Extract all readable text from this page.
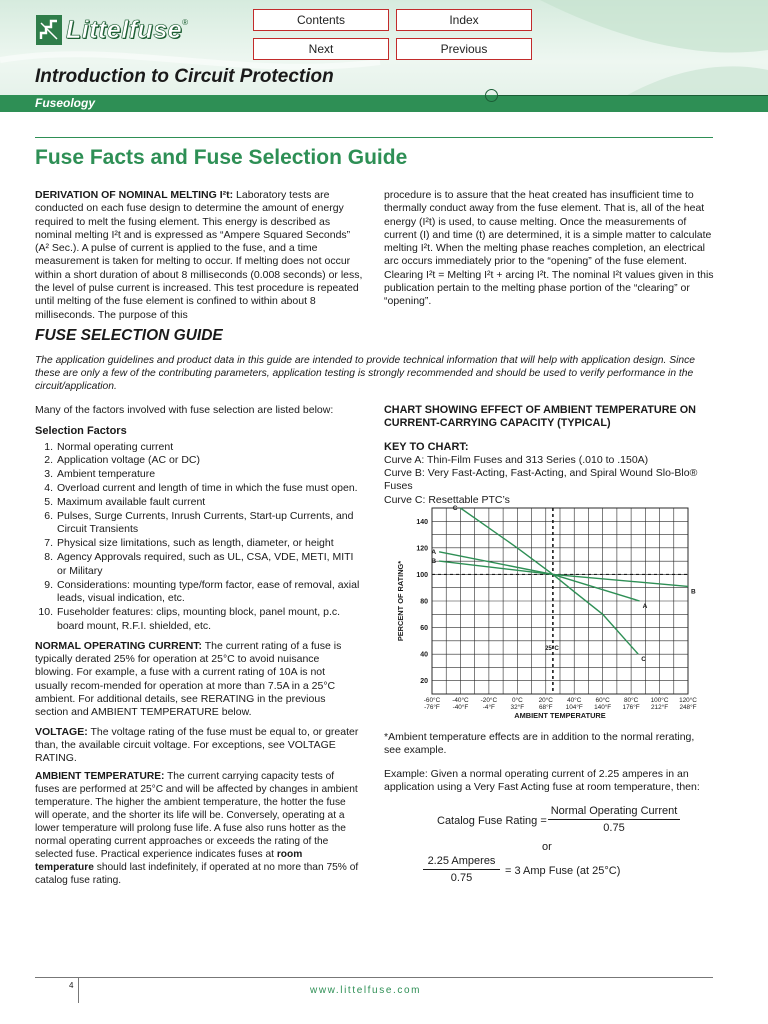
Littelfuse ®	Contents	Index
Next	Previous
Introduction to Circuit Protection
Fuseology
Fuse Facts and Fuse Selection Guide
DERIVATION OF NOMINAL MELTING I²t: Laboratory tests are conducted on each fuse design to determine the amount of energy required to melt the fusing element. This energy is described as nominal melting I²t and is expressed as “Ampere Squared Seconds” (A² Sec.). A pulse of current is applied to the fuse, and a time measurement is taken for melting to occur. If melting does not occur within a short duration of about 8 milliseconds (0.008 seconds) or less, the level of pulse current is increased. This test procedure is repeated until melting of the fuse element is confined to within about 8 milliseconds. The purpose of this
procedure is to assure that the heat created has insufficient time to thermally conduct away from the fuse element. That is, all of the heat energy (I²t) is used, to cause melting. Once the measurements of current (I) and time (t) are determined, it is a simple matter to calculate melting I²t. When the melting phase reaches completion, an electrical arc occurs immediately prior to the “opening” of the fuse element. Clearing I²t = Melting I²t + arcing I²t. The nominal I²t values given in this publication pertain to the melting phase portion of the “clearing” or “opening”.
FUSE SELECTION GUIDE
The application guidelines and product data in this guide are intended to provide technical information that will help with application design. Since these are only a few of the contributing parameters, application testing is strongly recommended and should be used to verify performance in the circuit/application.

Many of the factors involved with fuse selection are listed below:

Selection Factors

1. Normal operating current
2. Application voltage (AC or DC)
3. Ambient temperature
4. Overload current and length of time in which the fuse must open.
5. Maximum available fault current
6. Pulses, Surge Currents, Inrush Currents, Start-up Currents, and Circuit Transients
7. Physical size limitations, such as length, diameter, or height
8. Agency Approvals required, such as UL, CSA, VDE, METI, MITI or Military
9. Considerations: mounting type/form factor, ease of removal, axial leads, visual indication, etc.
10. Fuseholder features: clips, mounting block, panel mount, p.c. board mount, R.F.I. shielded, etc.

NORMAL OPERATING CURRENT: The current rating of a fuse is typically derated 25% for operation at 25°C to avoid nuisance blowing. For example, a fuse with a current rating of 10A is not usually recom-mended for operation at more than 7.5A in a 25°C ambient. For additional details, see RERATING in the previous section and AMBIENT TEMPERATURE below.

VOLTAGE: The voltage rating of the fuse must be equal to, or greater than, the available circuit voltage. For exceptions, see VOLTAGE RATING.

AMBIENT TEMPERATURE: The current carrying capacity tests of fuses are performed at 25°C and will be affected by changes in ambient temperature. The higher the ambient temperature, the hotter the fuse will operate, and the shorter its life will be. Conversely, operating at a lower temperature will prolong fuse life. A fuse also runs hotter as the normal operating current approaches or exceeds the rating of the selected fuse. Practical experience indicates fuses at room temperature should last indefinitely, if operated at no more than 75% of catalog fuse rating.

CHART SHOWING EFFECT OF AMBIENT TEMPERATURE ON

CURRENT-CARRYING CAPACITY (TYPICAL)

KEY TO CHART:

Curve A: Thin-Film Fuses and 313 Series (.010 to .150A)

Curve B: Very Fast-Acting, Fast-Acting, and Spiral Wound Slo-Blo® Fuses

Curve C: Resettable PTC’s

25°C
20
40
60
80
100
120
140
-60°C
-76°F
-40°C
-40°F
-20°C
-4°F
0°C
32°F
20°C
68°F
40°C
104°F
60°C
140°F
80°C
176°F
100°C
212°F
120°C
248°F
AMBIENT TEMPERATURE
PERCENT OF RATING*
A
A
B
B
C
C
*Ambient temperature effects are in addition to the normal rerating, see example.
Example: Given a normal operating current of 2.25 amperes in an application using a Very Fast Acting fuse at room temperature, then:
Catalog Fuse Rating =
Normal Operating Current
0.75
or
2.25 Amperes
0.75
= 3 Amp Fuse (at 25°C)
4	www.littelfuse.com
